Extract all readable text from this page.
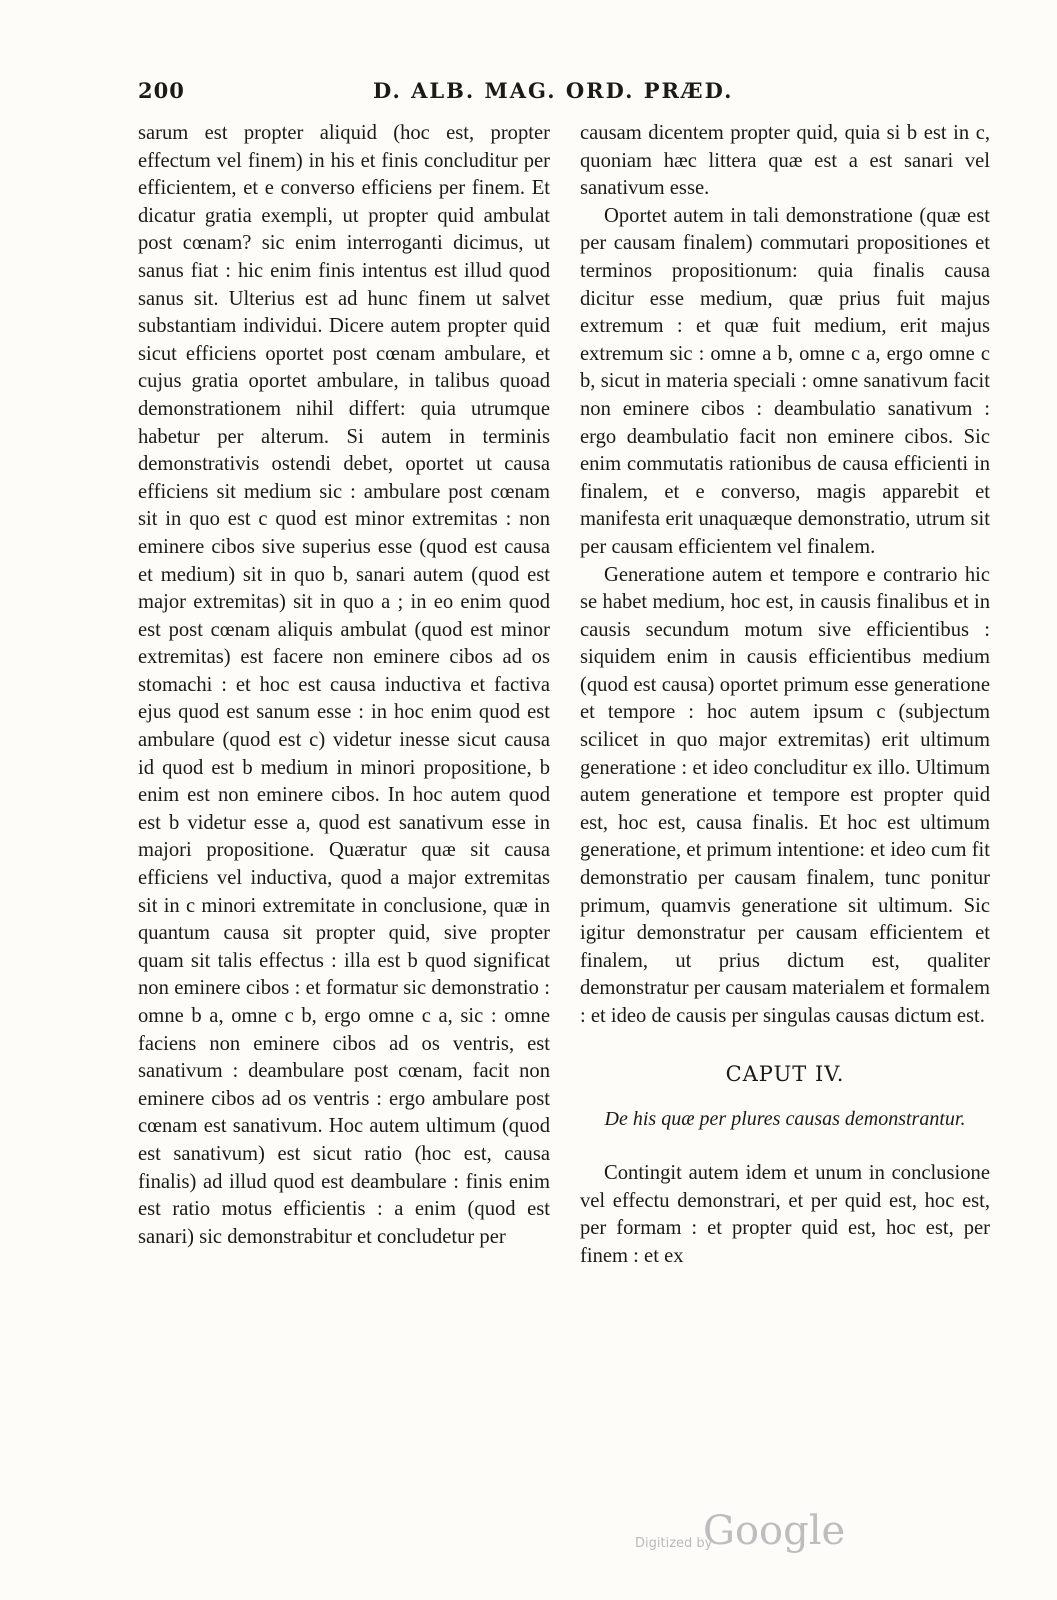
200	D. ALB. MAG. ORD. PRÆD.

sarum est propter aliquid (hoc est, propter effectum vel finem) in his et finis concluditur per efficientem, et e converso efficiens per finem. Et dicatur gratia exempli, ut propter quid ambulat post cœnam? sic enim interroganti dicimus, ut sanus fiat : hic enim finis intentus est illud quod sanus sit. Ulterius est ad hunc finem ut salvet substantiam individui. Dicere autem propter quid sicut efficiens oportet post cœnam ambulare, et cujus gratia oportet ambulare, in talibus quoad demonstrationem nihil differt: quia utrumque habetur per alterum. Si autem in terminis demonstrativis ostendi debet, oportet ut causa efficiens sit medium sic : ambulare post cœnam sit in quo est c quod est minor extremitas : non eminere cibos sive superius esse (quod est causa et medium) sit in quo b, sanari autem (quod est major extremitas) sit in quo a ; in eo enim quod est post cœnam aliquis ambulat (quod est minor extremitas) est facere non eminere cibos ad os stomachi : et hoc est causa inductiva et factiva ejus quod est sanum esse : in hoc enim quod est ambulare (quod est c) videtur inesse sicut causa id quod est b medium in minori propositione, b enim est non eminere cibos. In hoc autem quod est b videtur esse a, quod est sanativum esse in majori propositione. Quæratur quæ sit causa efficiens vel inductiva, quod a major extremitas sit in c minori extremitate in conclusione, quæ in quantum causa sit propter quid, sive propter quam sit talis effectus : illa est b quod significat non eminere cibos : et formatur sic demonstratio : omne b a, omne c b, ergo omne c a, sic : omne faciens non eminere cibos ad os ventris, est sanativum : deambulare post cœnam, facit non eminere cibos ad os ventris : ergo ambulare post cœnam est sanativum. Hoc autem ultimum (quod est sanativum) est sicut ratio (hoc est, causa finalis) ad illud quod est deambulare : finis enim est ratio motus efficientis : a enim (quod est sanari) sic demonstrabitur et concludetur per

causam dicentem propter quid, quia si b est in c, quoniam hæc littera quæ est a est sanari vel sanativum esse.

Oportet autem in tali demonstratione (quæ est per causam finalem) commutari propositiones et terminos propositionum: quia finalis causa dicitur esse medium, quæ prius fuit majus extremum : et quæ fuit medium, erit majus extremum sic : omne a b, omne c a, ergo omne c b, sicut in materia speciali : omne sanativum facit non eminere cibos : deambulatio sanativum : ergo deambulatio facit non eminere cibos. Sic enim commutatis rationibus de causa efficienti in finalem, et e converso, magis apparebit et manifesta erit unaquæque demonstratio, utrum sit per causam efficientem vel finalem.

Generatione autem et tempore e contrario hic se habet medium, hoc est, in causis finalibus et in causis secundum motum sive efficientibus : siquidem enim in causis efficientibus medium (quod est causa) oportet primum esse generatione et tempore : hoc autem ipsum c (subjectum scilicet in quo major extremitas) erit ultimum generatione : et ideo concluditur ex illo. Ultimum autem generatione et tempore est propter quid est, hoc est, causa finalis. Et hoc est ultimum generatione, et primum intentione: et ideo cum fit demonstratio per causam finalem, tunc ponitur primum, quamvis generatione sit ultimum. Sic igitur demonstratur per causam efficientem et finalem, ut prius dictum est, qualiter demonstratur per causam materialem et formalem : et ideo de causis per singulas causas dictum est.

CAPUT IV.
De his quæ per plures causas demonstrantur.

Contingit autem idem et unum in conclusione vel effectu demonstrari, et per quid est, hoc est, per formam : et propter quid est, hoc est, per finem : et ex

Digitized by
Google
